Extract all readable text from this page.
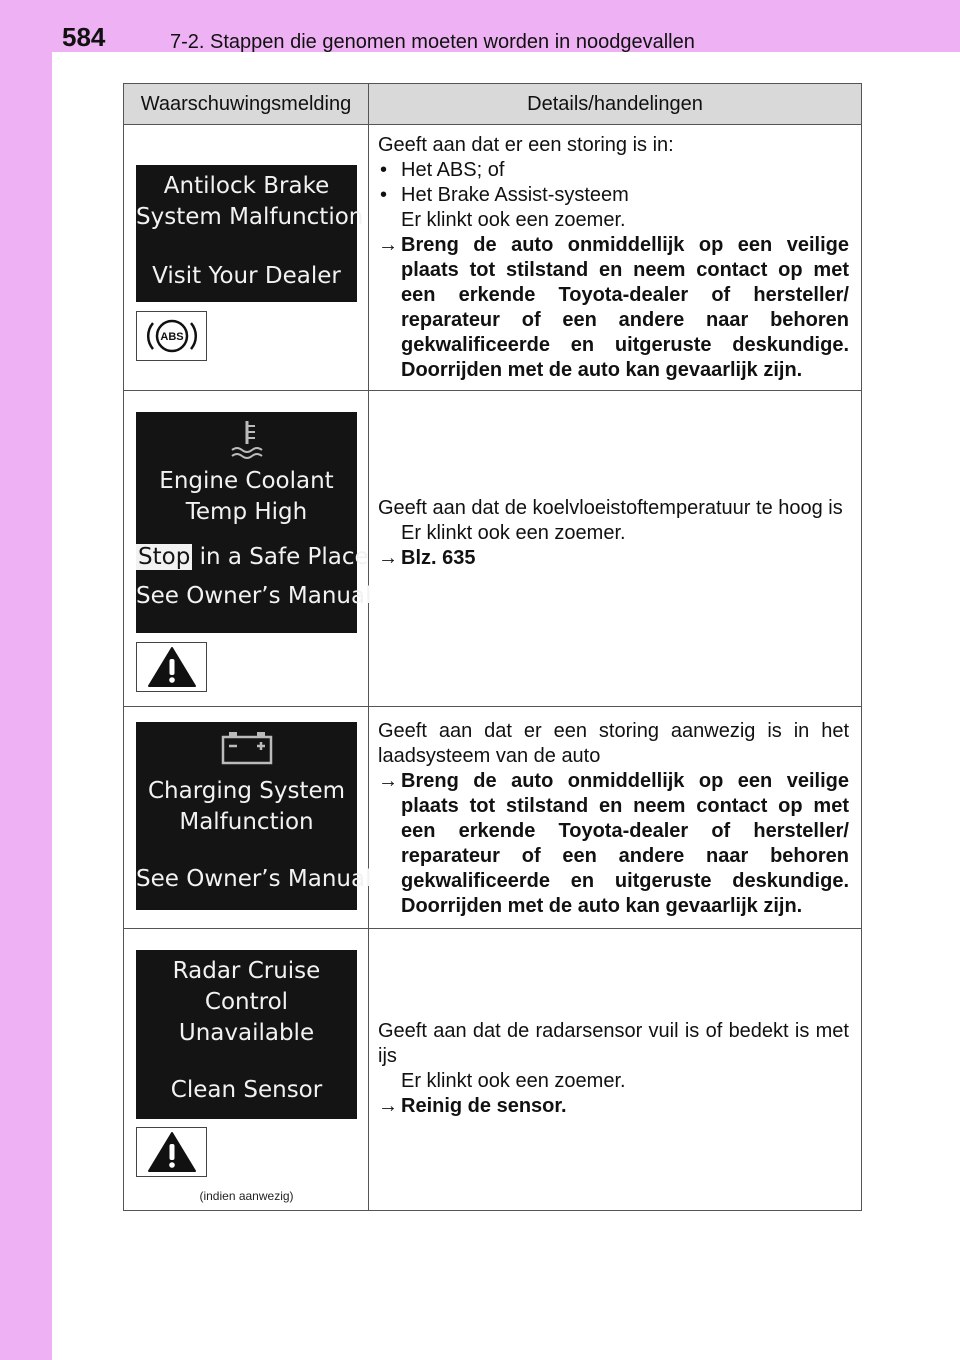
584	7-2. Stappen die genomen moeten worden in noodgevallen
Waarschuwingsmelding	Details/handelingen
Antilock Brake
System Malfunction
Visit Your Dealer
ABS

Geeft aan dat er een storing is in:

• Het ABS; of

• Het Brake Assist-systeem

Er klinkt ook een zoemer.

→ Breng de auto onmiddellijk op een veilige plaats tot stilstand en neem contact op met een erkende Toyota-dealer of hersteller/ reparateur of een andere naar behoren gekwalificeerde en uitgeruste deskundige. Doorrijden met de auto kan gevaarlijk zijn.

Engine Coolant
Temp High
Stop in a Safe Place
See Owner’s Manual

Geeft aan dat de koelvloeistoftemperatuur te hoog is

Er klinkt ook een zoemer.

→ Blz. 635

Charging System
Malfunction
See Owner’s Manual

Geeft aan dat er een storing aanwezig is in het laadsysteem van de auto

→ Breng de auto onmiddellijk op een veilige plaats tot stilstand en neem contact op met een erkende Toyota-dealer of hersteller/ reparateur of een andere naar behoren gekwalificeerde en uitgeruste deskundige. Doorrijden met de auto kan gevaarlijk zijn.

Radar Cruise
Control
Unavailable
Clean Sensor
(indien aanwezig)

Geeft aan dat de radarsensor vuil is of bedekt is met ijs

Er klinkt ook een zoemer.

→ Reinig de sensor.
